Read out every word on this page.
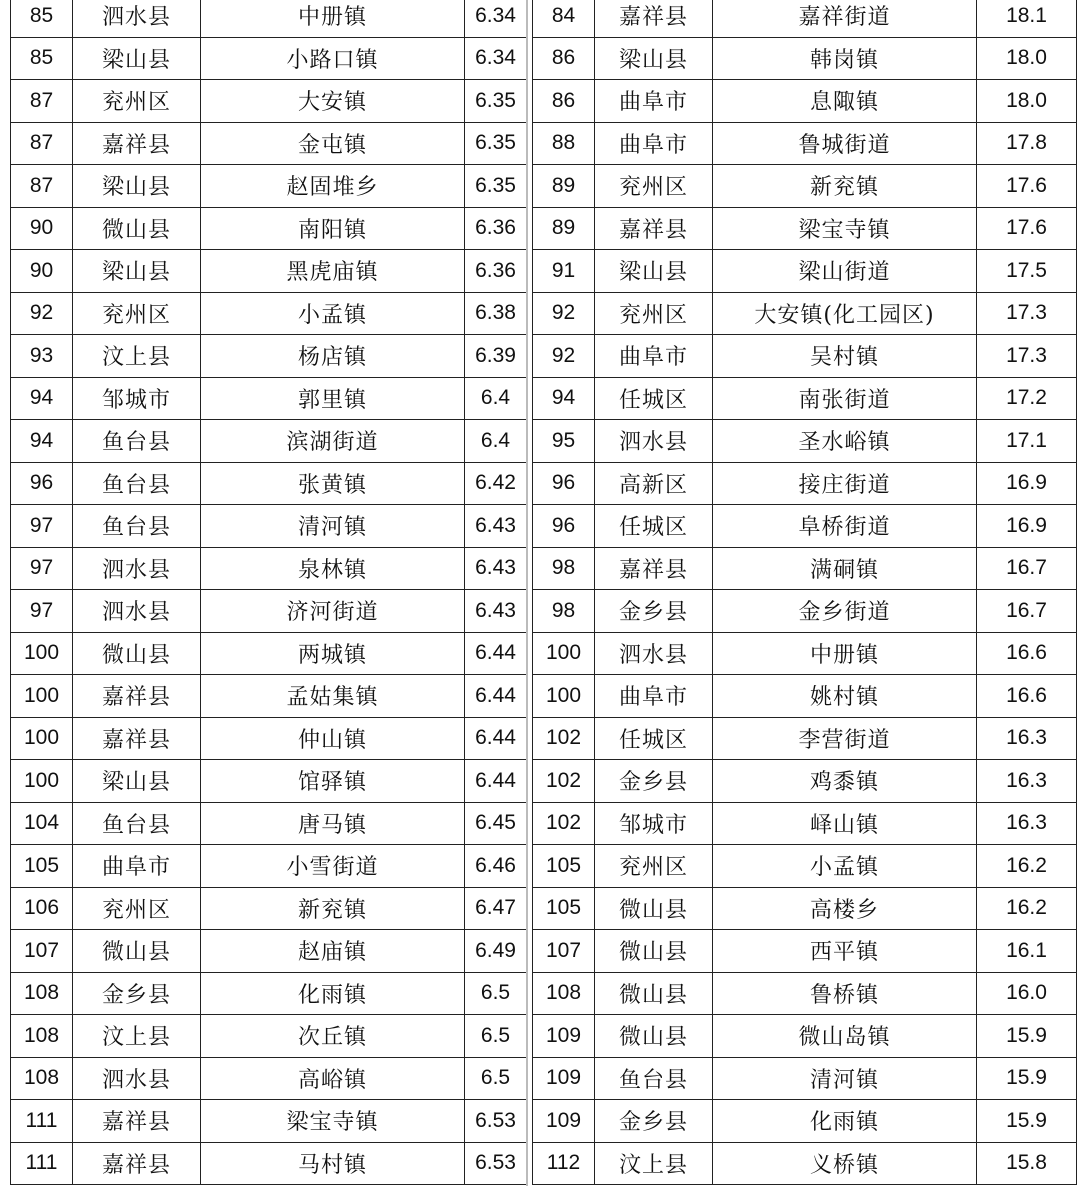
85	泗水县	中册镇	6.34
85	梁山县	小路口镇	6.34
87	兖州区	大安镇	6.35
87	嘉祥县	金屯镇	6.35
87	梁山县	赵固堆乡	6.35
90	微山县	南阳镇	6.36
90	梁山县	黑虎庙镇	6.36
92	兖州区	小孟镇	6.38
93	汶上县	杨店镇	6.39
94	邹城市	郭里镇	6.4
94	鱼台县	滨湖街道	6.4
96	鱼台县	张黄镇	6.42
97	鱼台县	清河镇	6.43
97	泗水县	泉林镇	6.43
97	泗水县	济河街道	6.43
100	微山县	两城镇	6.44
100	嘉祥县	孟姑集镇	6.44
100	嘉祥县	仲山镇	6.44
100	梁山县	馆驿镇	6.44
104	鱼台县	唐马镇	6.45
105	曲阜市	小雪街道	6.46
106	兖州区	新兖镇	6.47
107	微山县	赵庙镇	6.49
108	金乡县	化雨镇	6.5
108	汶上县	次丘镇	6.5
108	泗水县	高峪镇	6.5
111	嘉祥县	梁宝寺镇	6.53
111	嘉祥县	马村镇	6.53
84	嘉祥县	嘉祥街道	18.1
86	梁山县	韩岗镇	18.0
86	曲阜市	息陬镇	18.0
88	曲阜市	鲁城街道	17.8
89	兖州区	新兖镇	17.6
89	嘉祥县	梁宝寺镇	17.6
91	梁山县	梁山街道	17.5
92	兖州区	大安镇(化工园区)	17.3
92	曲阜市	吴村镇	17.3
94	任城区	南张街道	17.2
95	泗水县	圣水峪镇	17.1
96	高新区	接庄街道	16.9
96	任城区	阜桥街道	16.9
98	嘉祥县	满硐镇	16.7
98	金乡县	金乡街道	16.7
100	泗水县	中册镇	16.6
100	曲阜市	姚村镇	16.6
102	任城区	李营街道	16.3
102	金乡县	鸡黍镇	16.3
102	邹城市	峄山镇	16.3
105	兖州区	小孟镇	16.2
105	微山县	高楼乡	16.2
107	微山县	西平镇	16.1
108	微山县	鲁桥镇	16.0
109	微山县	微山岛镇	15.9
109	鱼台县	清河镇	15.9
109	金乡县	化雨镇	15.9
112	汶上县	义桥镇	15.8
